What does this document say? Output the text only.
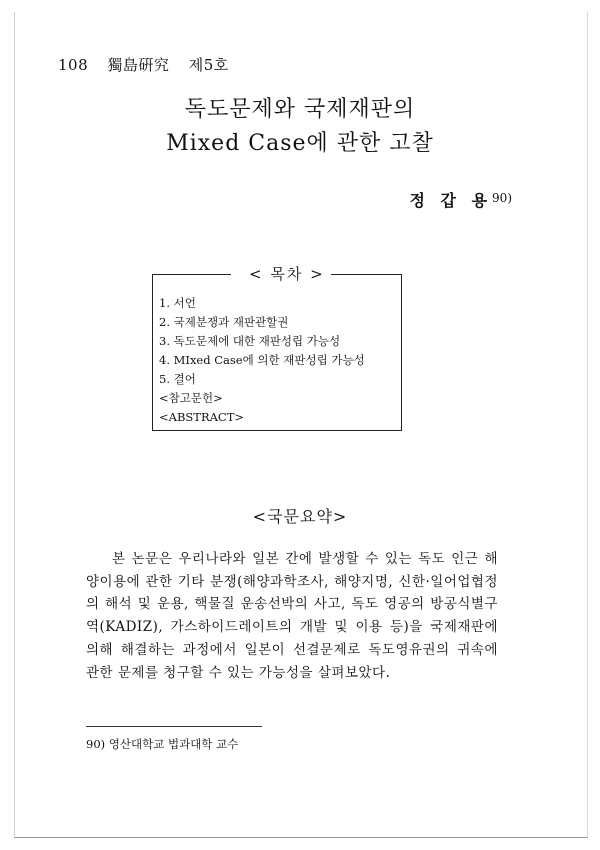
108 獨島硏究 제5호
독도문제와 국제재판의
Mixed Case에 관한 고찰
정 갑 용$^{90)}$
< 목차 >
1. 서언
2. 국제분쟁과 재판관할권
3. 독도문제에 대한 재판성립 가능성
4. MIxed Case에 의한 재판성립 가능성
5. 결어
<참고문헌>
<ABSTRACT>
<국문요약>

본 논문은 우리나라와 일본 간에 발생할 수 있는 독도 인근 해양이용에 관한 기타 분쟁(해양과학조사, 해양지명, 신한·일어업협정의 해석 및 운용, 핵물질 운송선박의 사고, 독도 영공의 방공식별구역(KADIZ), 가스하이드레이트의 개발 및 이용 등)을 국제재판에 의해 해결하는 과정에서 일본이 선결문제로 독도영유권의 귀속에 관한 문제를 청구할 수 있는 가능성을 살펴보았다.

90) 영산대학교 법과대학 교수
